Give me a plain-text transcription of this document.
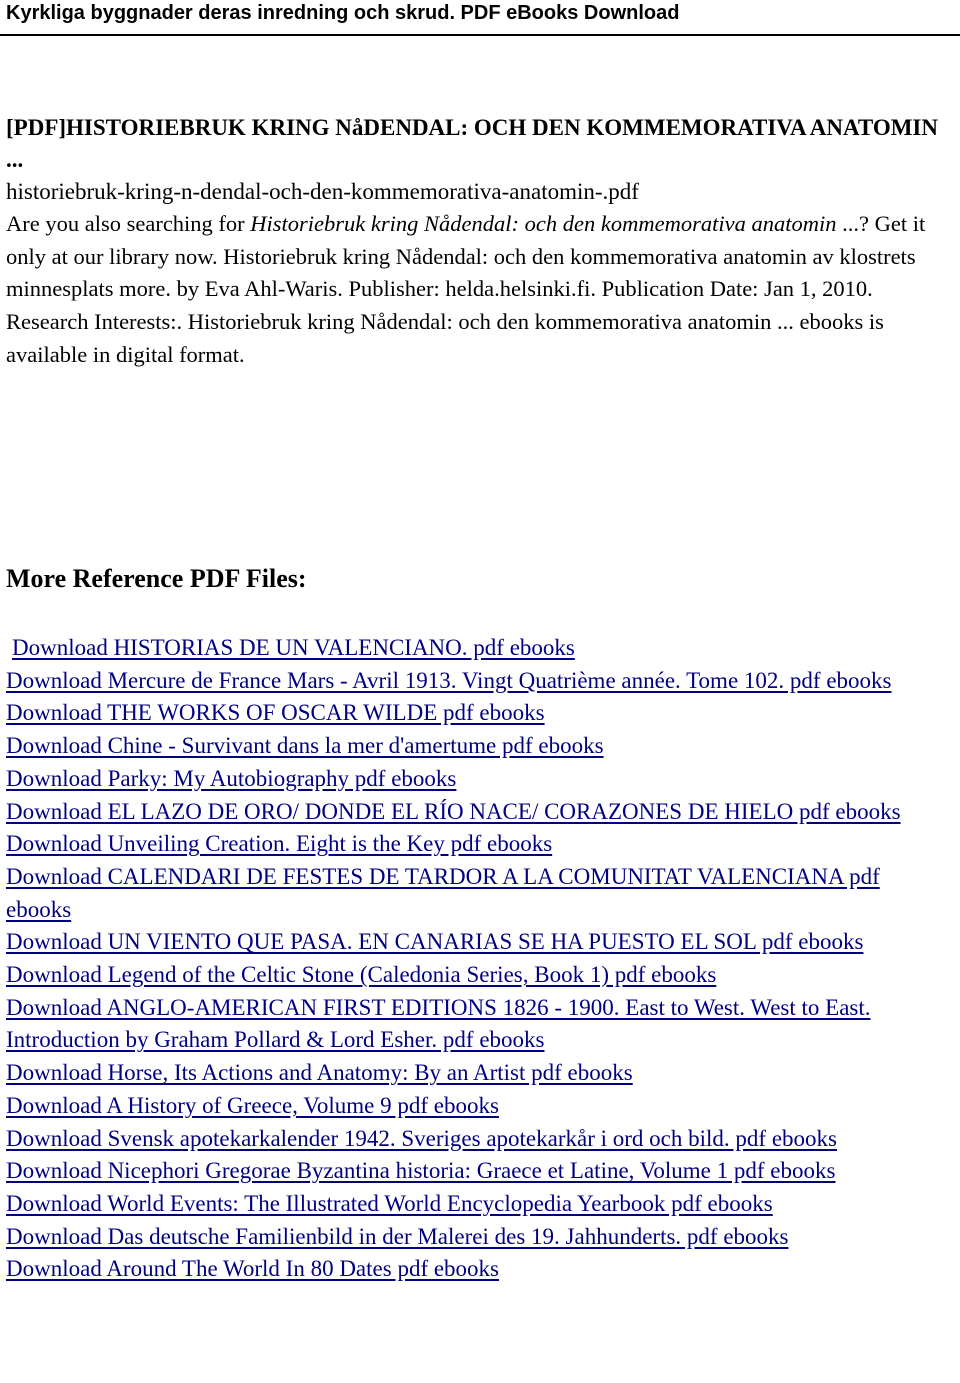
Kyrkliga byggnader deras inredning och skrud. PDF eBooks Download

[PDF]HISTORIEBRUK KRING NåDENDAL: OCH DEN KOMMEMORATIVA ANATOMIN ...

historiebruk-kring-n-dendal-och-den-kommemorativa-anatomin-.pdf

Are you also searching for Historiebruk kring Nådendal: och den kommemorativa anatomin ...? Get it only at our library now. Historiebruk kring Nådendal: och den kommemorativa anatomin av klostrets minnesplats more. by Eva Ahl-Waris. Publisher: helda.helsinki.fi. Publication Date: Jan 1, 2010. Research Interests:. Historiebruk kring Nådendal: och den kommemorativa anatomin ... ebooks is available in digital format.

More Reference PDF Files:
Download HISTORIAS DE UN VALENCIANO. pdf ebooks
Download Mercure de France Mars - Avril 1913. Vingt Quatrième année. Tome 102. pdf ebooks
Download THE WORKS OF OSCAR WILDE pdf ebooks
Download Chine - Survivant dans la mer d'amertume pdf ebooks
Download Parky: My Autobiography pdf ebooks
Download EL LAZO DE ORO/ DONDE EL RÍO NACE/ CORAZONES DE HIELO pdf ebooks
Download Unveiling Creation. Eight is the Key pdf ebooks
Download CALENDARI DE FESTES DE TARDOR A LA COMUNITAT VALENCIANA pdf ebooks
Download UN VIENTO QUE PASA. EN CANARIAS SE HA PUESTO EL SOL pdf ebooks
Download Legend of the Celtic Stone (Caledonia Series, Book 1) pdf ebooks
Download ANGLO-AMERICAN FIRST EDITIONS 1826 - 1900. East to West. West to East. Introduction by Graham Pollard & Lord Esher. pdf ebooks
Download Horse, Its Actions and Anatomy: By an Artist pdf ebooks
Download A History of Greece, Volume 9 pdf ebooks
Download Svensk apotekarkalender 1942. Sveriges apotekarkår i ord och bild. pdf ebooks
Download Nicephori Gregorae Byzantina historia: Graece et Latine, Volume 1 pdf ebooks
Download World Events: The Illustrated World Encyclopedia Yearbook pdf ebooks
Download Das deutsche Familienbild in der Malerei des 19. Jahhunderts. pdf ebooks
Download Around The World In 80 Dates pdf ebooks
